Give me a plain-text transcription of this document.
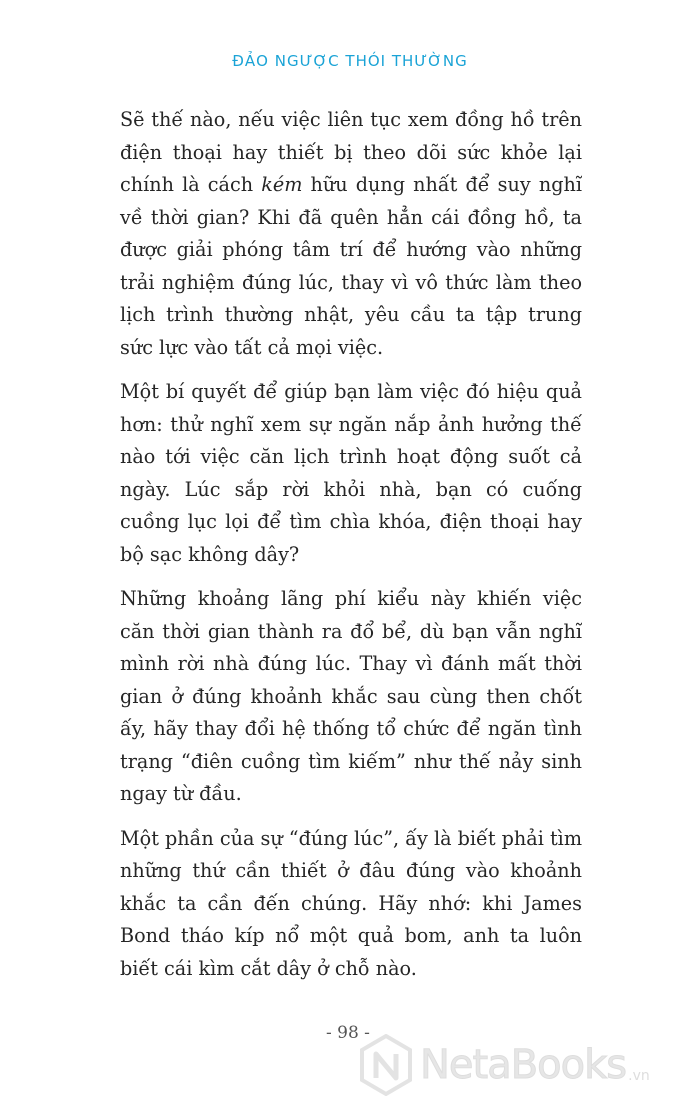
ĐẢO NGƯỢC THÓI THƯỜNG

Sẽ thế nào, nếu việc liên tục xem đồng hồ trên điện thoại hay thiết bị theo dõi sức khỏe lại chính là cách kém hữu dụng nhất để suy nghĩ về thời gian? Khi đã quên hẳn cái đồng hồ, ta được giải phóng tâm trí để hướng vào những trải nghiệm đúng lúc, thay vì vô thức làm theo lịch trình thường nhật, yêu cầu ta tập trung sức lực vào tất cả mọi việc.

Một bí quyết để giúp bạn làm việc đó hiệu quả hơn: thử nghĩ xem sự ngăn nắp ảnh hưởng thế nào tới việc căn lịch trình hoạt động suốt cả ngày. Lúc sắp rời khỏi nhà, bạn có cuống cuồng lục lọi để tìm chìa khóa, điện thoại hay bộ sạc không dây?

Những khoảng lãng phí kiểu này khiến việc căn thời gian thành ra đổ bể, dù bạn vẫn nghĩ mình rời nhà đúng lúc. Thay vì đánh mất thời gian ở đúng khoảnh khắc sau cùng then chốt ấy, hãy thay đổi hệ thống tổ chức để ngăn tình trạng “điên cuồng tìm kiếm” như thế nảy sinh ngay từ đầu.

Một phần của sự “đúng lúc”, ấy là biết phải tìm những thứ cần thiết ở đâu đúng vào khoảnh khắc ta cần đến chúng. Hãy nhớ: khi James Bond tháo kíp nổ một quả bom, anh ta luôn biết cái kìm cắt dây ở chỗ nào.

- 98 -
NetaBooks .vn
